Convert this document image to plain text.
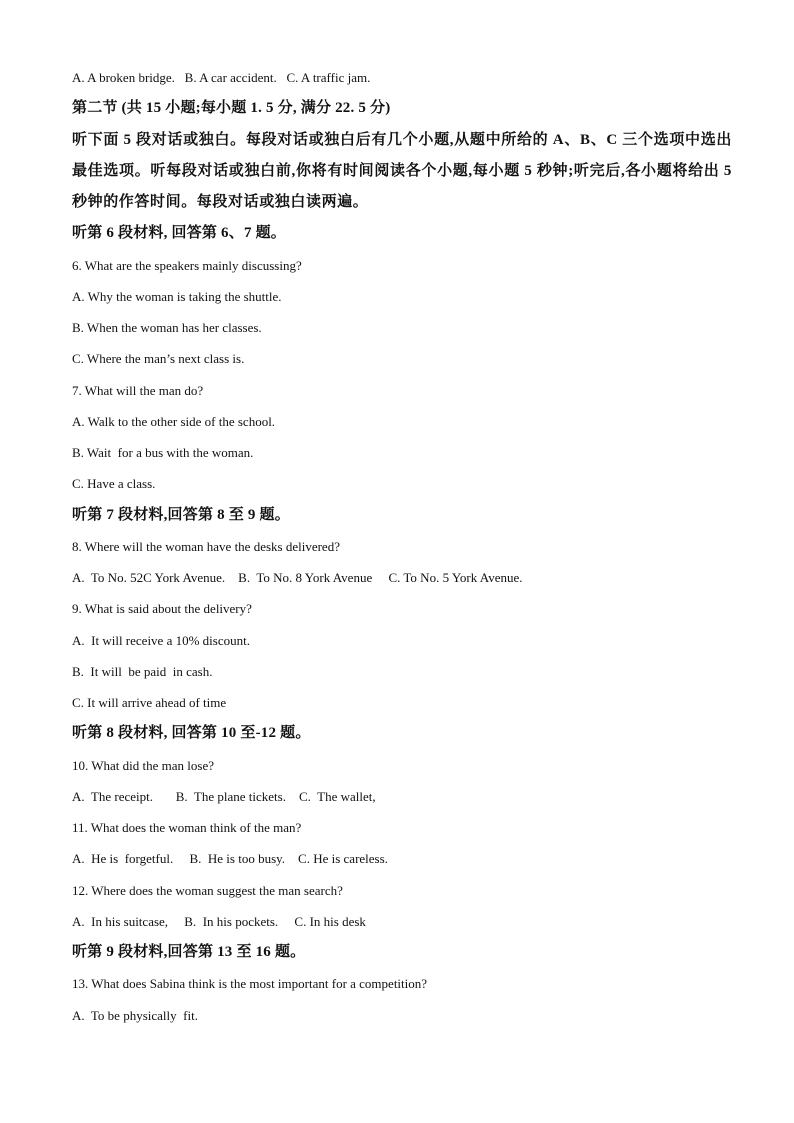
A. A broken bridge.   B. A car accident.   C. A traffic jam.
第二节 (共 15 小题;每小题 1. 5 分, 满分 22. 5 分)
听下面 5 段对话或独白。每段对话或独白后有几个小题,从题中所给的 A、B、C 三个选项中选出最佳选项。听每段对话或独白前,你将有时间阅读各个小题,每小题 5 秒钟;听完后,各小题将给出 5 秒钟的作答时间。每段对话或独白读两遍。
听第 6 段材料, 回答第 6、7 题。
6. What are the speakers mainly discussing?
A. Why the woman is taking the shuttle.
B. When the woman has her classes.
C. Where the man’s next class is.
7. What will the man do?
A. Walk to the other side of the school.
B. Wait  for a bus with the woman.
C. Have a class.
听第 7 段材料,回答第 8 至 9 题。
8. Where will the woman have the desks delivered?
A.  To No. 52C York Avenue.    B.  To No. 8 York Avenue     C. To No. 5 York Avenue.
9. What is said about the delivery?
A.  It will receive a 10% discount.
B.  It will  be paid  in cash.
C. It will arrive ahead of time
听第 8 段材料, 回答第 10 至-12 题。
10. What did the man lose?
A.  The receipt.       B.  The plane tickets.    C.  The wallet,
11. What does the woman think of the man?
A.  He is  forgetful.     B.  He is too busy.    C. He is careless.
12. Where does the woman suggest the man search?
A.  In his suitcase,     B.  In his pockets.     C. In his desk
听第 9 段材料,回答第 13 至 16 题。
13. What does Sabina think is the most important for a competition?
A.  To be physically  fit.
